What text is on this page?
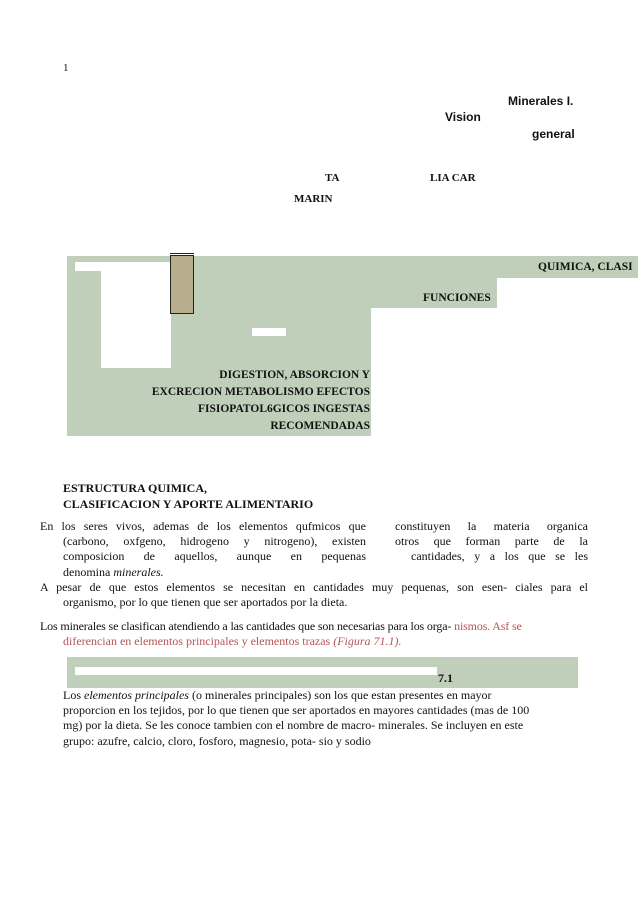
1
Minerales I.
Vision
general
TA	LIA CAR
MARIN
QUIMICA, CLASI
FUNCIONES
DIGESTION, ABSORCION Y
EXCRECION METABOLISMO EFECTOS
FISIOPATOL6GICOS INGESTAS
RECOMENDADAS
ESTRUCTURA QUIMICA,
CLASIFICACION Y APORTE ALIMENTARIO
En los seres vivos, ademas de los elementos qufmicos que
(carbono, oxfgeno, hidrogeno y nitrogeno), existen
composicion de aquellos, aunque en pequenas
denomina minerales.
constituyen la materia organica
otros que forman parte de la
cantidades, y a los que se les
A pesar de que estos elementos se necesitan en cantidades muy pequenas, son esen- ciales para el
organismo, por lo que tienen que ser aportados por la dieta.
Los minerales se clasifican atendiendo a las cantidades que son necesarias para los orga- nismos. Asf se
diferencian en elementos principales y elementos trazas (Figura 71.1).
7.1
Los elementos principales (o minerales principales) son los que estan presentes en mayor
proporcion en los tejidos, por lo que tienen que ser aportados en mayores cantidades (mas de 100
mg) por la dieta. Se les conoce tambien con el nombre de macro- minerales. Se incluyen en este
grupo: azufre, calcio, cloro, fosforo, magnesio, pota- sio y sodio
